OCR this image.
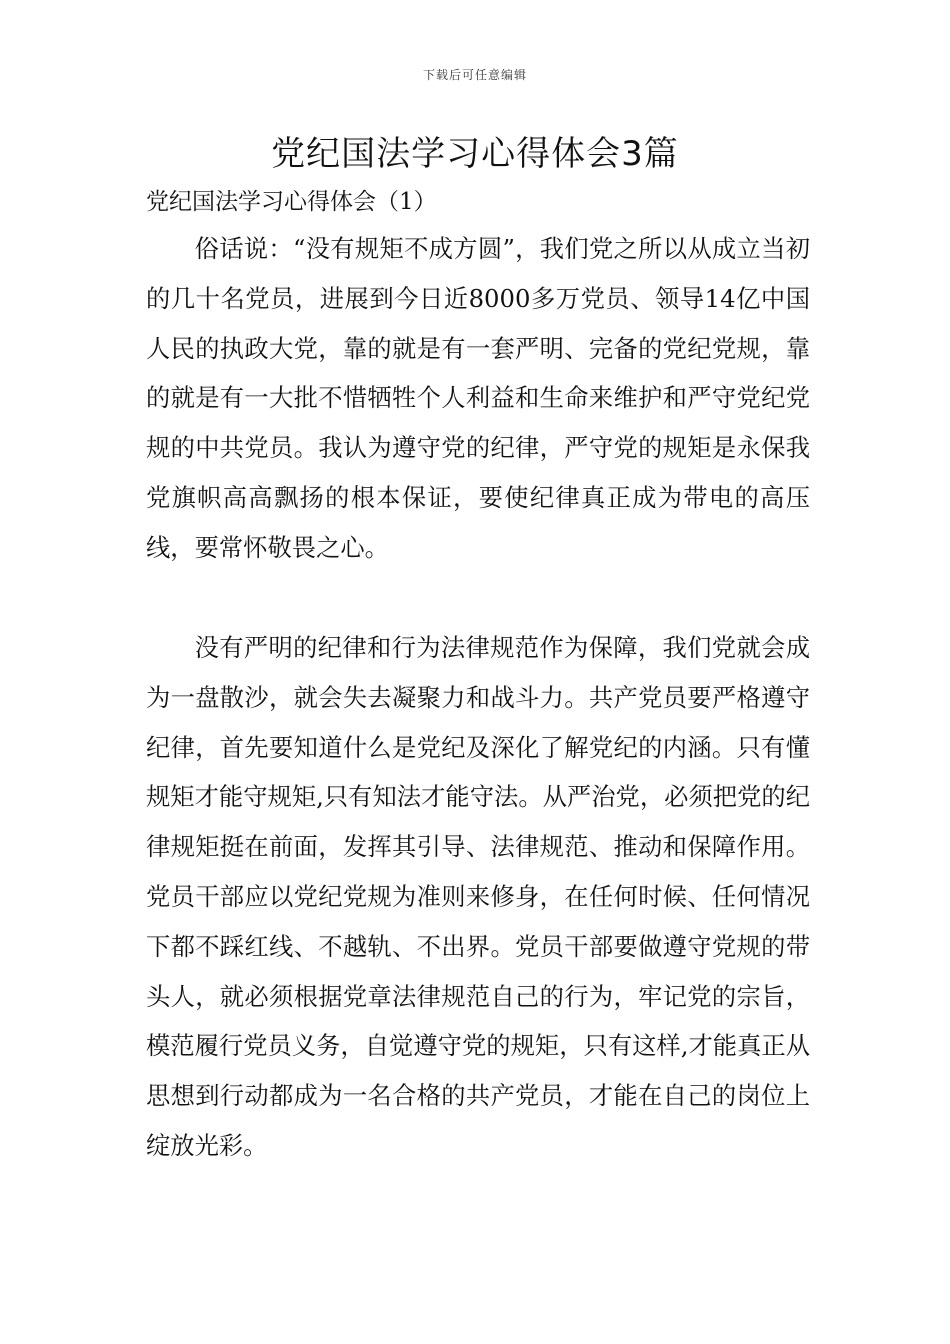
下载后可任意编辑
党纪国法学习心得体会3篇
党纪国法学习心得体会（1）

俗话说：“没有规矩不成方圆”，我们党之所以从成立当初的几十名党员，进展到今日近8000多万党员、领导14亿中国人民的执政大党，靠的就是有一套严明、完备的党纪党规，靠的就是有一大批不惜牺牲个人利益和生命来维护和严守党纪党规的中共党员。我认为遵守党的纪律，严守党的规矩是永保我党旗帜高高飘扬的根本保证，要使纪律真正成为带电的高压线，要常怀敬畏之心。

没有严明的纪律和行为法律规范作为保障，我们党就会成为一盘散沙，就会失去凝聚力和战斗力。共产党员要严格遵守纪律，首先要知道什么是党纪及深化了解党纪的内涵。只有懂规矩才能守规矩,只有知法才能守法。从严治党，必须把党的纪律规矩挺在前面，发挥其引导、法律规范、推动和保障作用。党员干部应以党纪党规为准则来修身，在任何时候、任何情况下都不踩红线、不越轨、不出界。党员干部要做遵守党规的带头人，就必须根据党章法律规范自己的行为，牢记党的宗旨，模范履行党员义务，自觉遵守党的规矩，只有这样,才能真正从思想到行动都成为一名合格的共产党员，才能在自己的岗位上绽放光彩。
